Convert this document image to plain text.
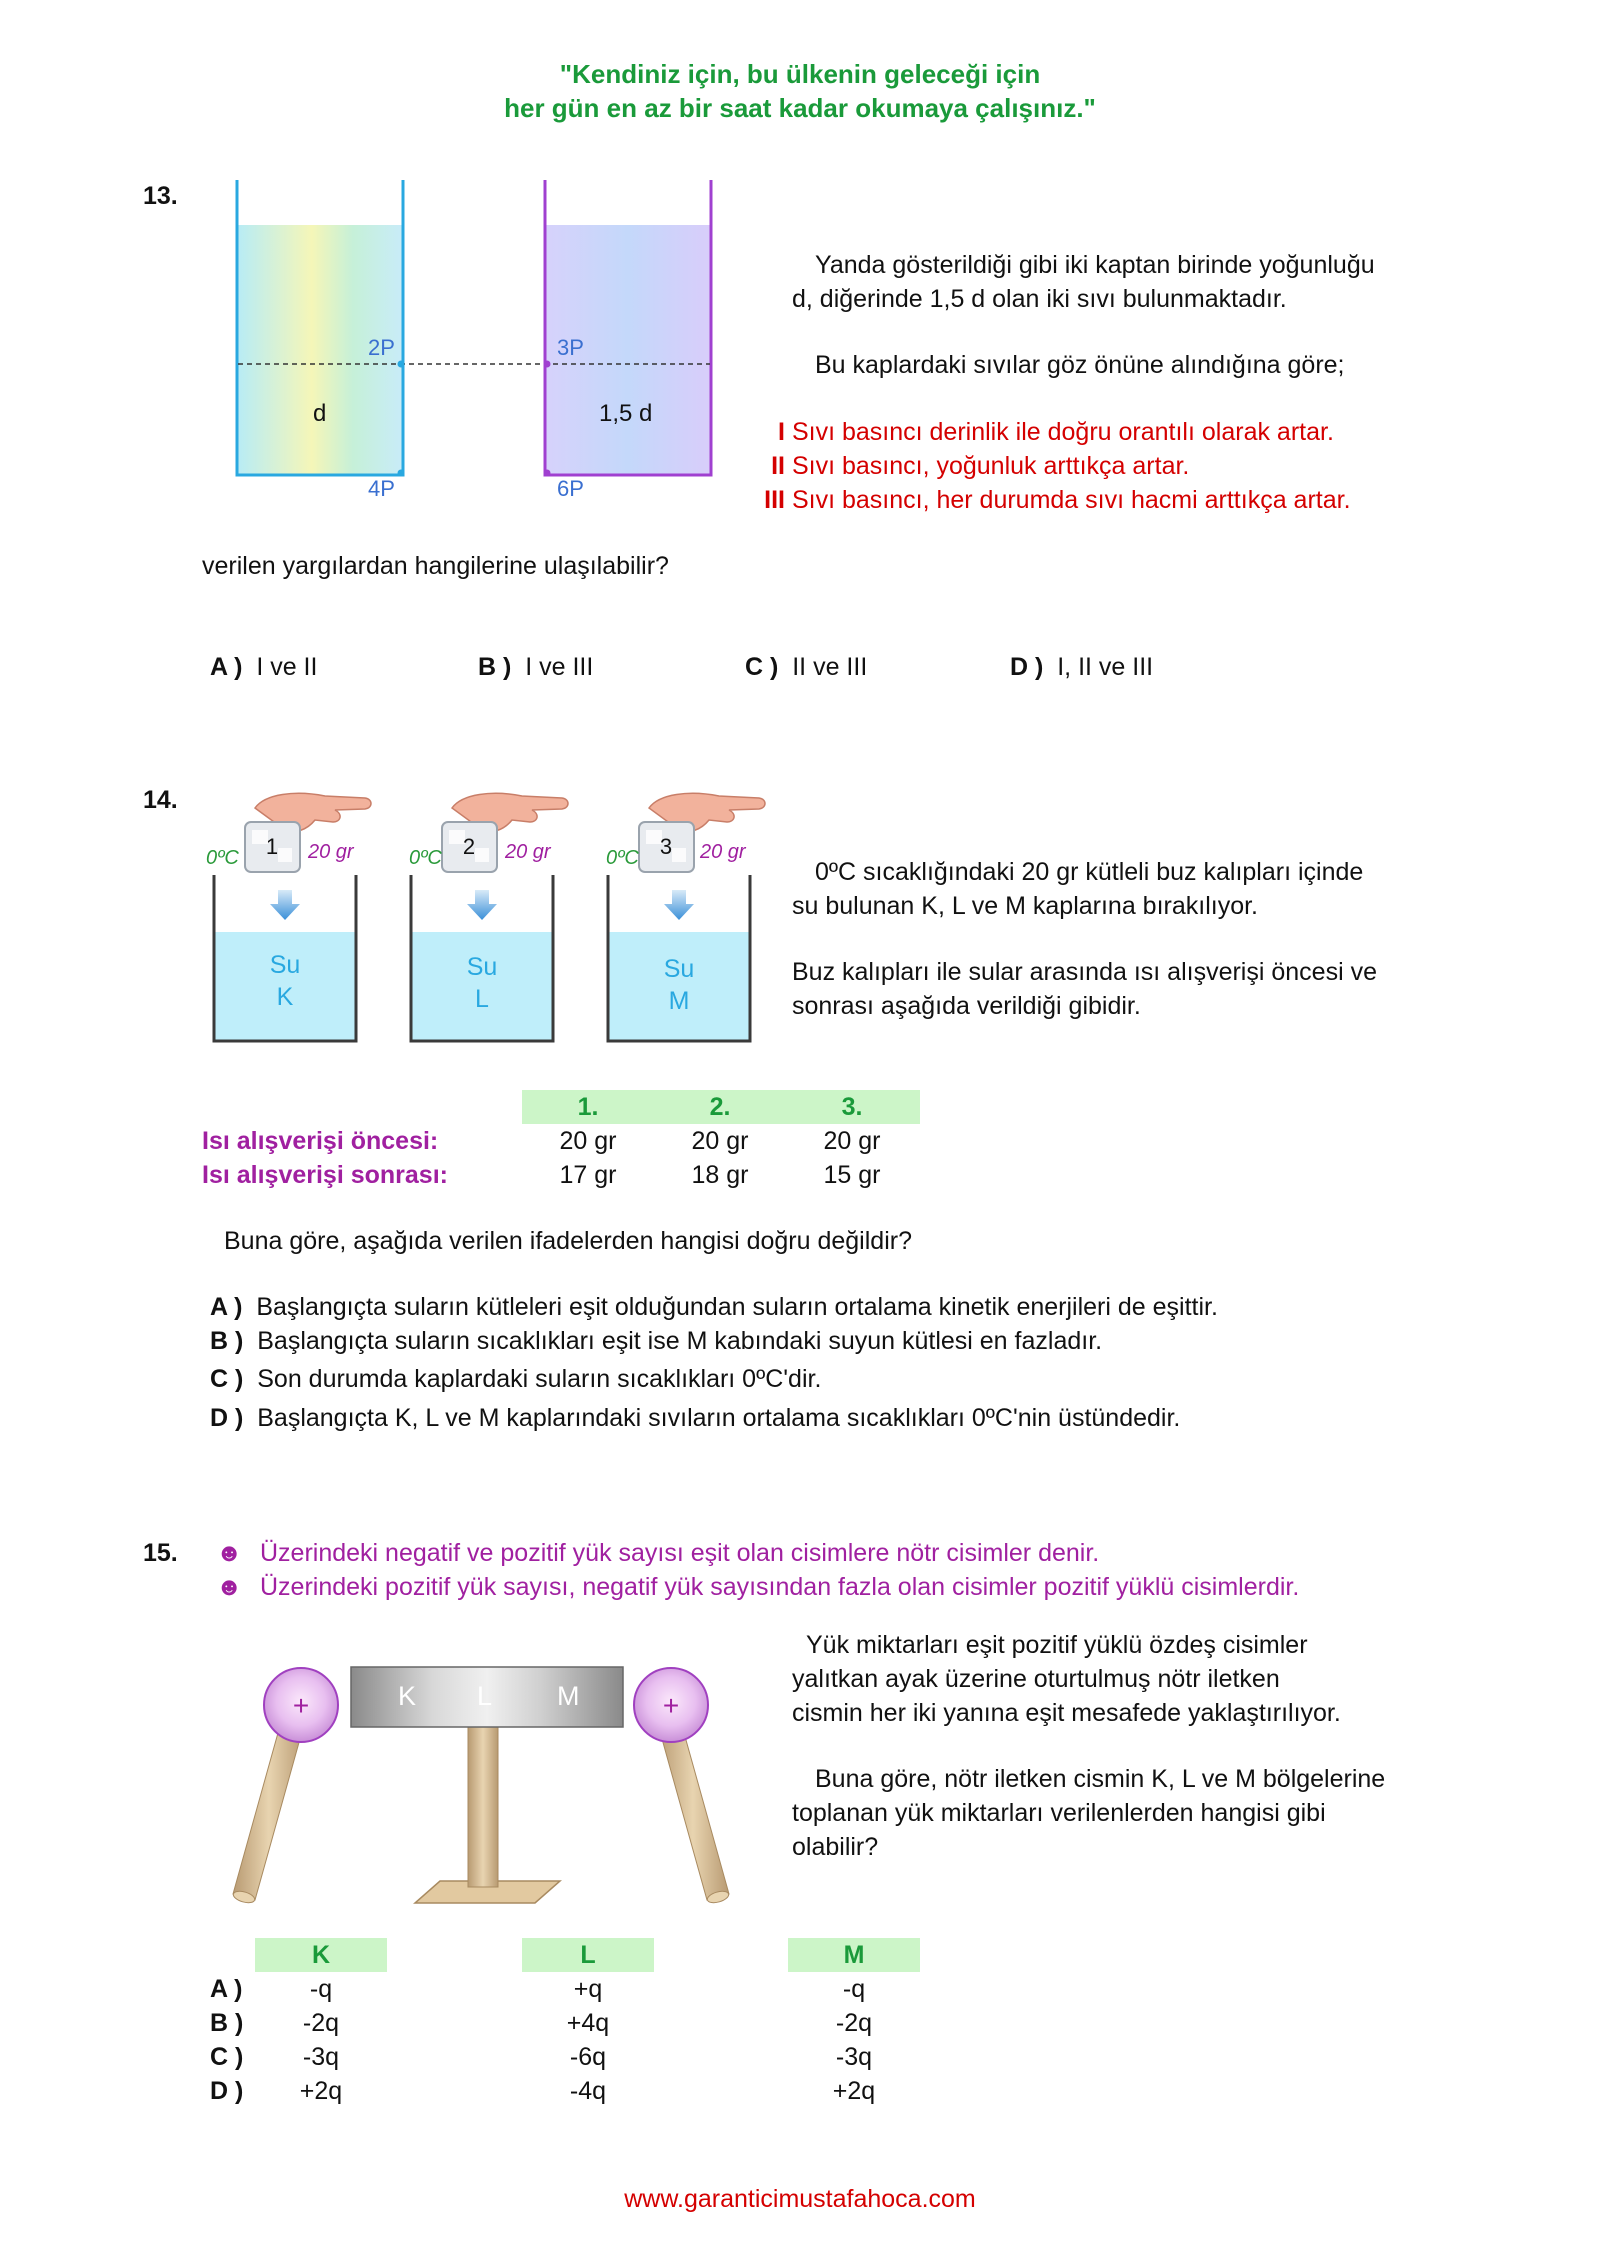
"Kendiniz için, bu ülkenin geleceği için
her gün en az bir saat kadar okumaya çalışınız."
13.
2P
d
4P
3P
1,5 d
6P
Yanda gösterildiği gibi iki kaptan birinde yoğunluğu
d, diğerinde 1,5 d olan iki sıvı bulunmaktadır.
Bu kaplardaki sıvılar göz önüne alındığına göre;
I Sıvı basıncı derinlik ile doğru orantılı olarak artar.
II Sıvı basıncı, yoğunluk arttıkça artar.
III Sıvı basıncı, her durumda sıvı hacmi arttıkça artar.
verilen yargılardan hangilerine ulaşılabilir?
A ) I ve II	B ) I ve III	C ) II ve III	D ) I, II ve III
14.
1
0ºC	20 gr
Su
K
2
0ºC	20 gr
Su
L
3
0ºC	20 gr
Su
M
0ºC sıcaklığındaki 20 gr kütleli buz kalıpları içinde
su bulunan K, L ve M kaplarına bırakılıyor.
Buz kalıpları ile sular arasında ısı alışverişi öncesi ve
sonrası aşağıda verildiği gibidir.
1.	2.	3.
Isı alışverişi öncesi:	20 gr	20 gr	20 gr
Isı alışverişi sonrası:	17 gr	18 gr	15 gr
Buna göre, aşağıda verilen ifadelerden hangisi doğru değildir?
A ) Başlangıçta suların kütleleri eşit olduğundan suların ortalama kinetik enerjileri de eşittir.
B ) Başlangıçta suların sıcaklıkları eşit ise M kabındaki suyun kütlesi en fazladır.
C ) Son durumda kaplardaki suların sıcaklıkları 0ºC'dir.
D ) Başlangıçta K, L ve M kaplarındaki sıvıların ortalama sıcaklıkları 0ºC'nin üstündedir.
15. ☻ Üzerindeki negatif ve pozitif yük sayısı eşit olan cisimlere nötr cisimler denir.
☻ Üzerindeki pozitif yük sayısı, negatif yük sayısından fazla olan cisimler pozitif yüklü cisimlerdir.
K L M
+	+
Yük miktarları eşit pozitif yüklü özdeş cisimler
yalıtkan ayak üzerine oturtulmuş nötr iletken
cismin her iki yanına eşit mesafede yaklaştırılıyor.
Buna göre, nötr iletken cismin K, L ve M bölgelerine
toplanan yük miktarları verilenlerden hangisi gibi
olabilir?
K	L	M
A )	-q	+q	-q
B )	-2q	+4q	-2q
C )	-3q	-6q	-3q
D )	+2q	-4q	+2q
www.garanticimustafahoca.com
